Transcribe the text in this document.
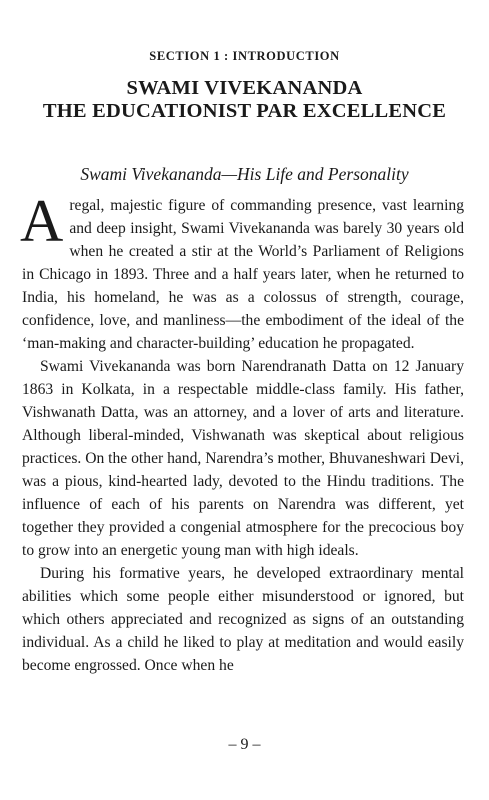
SECTION 1 : INTRODUCTION
SWAMI VIVEKANANDA
THE EDUCATIONIST PAR EXCELLENCE
Swami Vivekananda—His Life and Personality

A regal, majestic figure of commanding presence, vast learning and deep insight, Swami Vivekananda was barely 30 years old when he created a stir at the World’s Parliament of Religions in Chicago in 1893. Three and a half years later, when he returned to India, his homeland, he was as a colossus of strength, courage, confidence, love, and manliness—the embodiment of the ideal of the ‘man-making and character-building’ education he propagated.

Swami Vivekananda was born Narendranath Datta on 12 January 1863 in Kolkata, in a respectable middle-class family. His father, Vishwanath Datta, was an attorney, and a lover of arts and literature. Although liberal-minded, Vishwanath was skeptical about religious practices. On the other hand, Narendra’s mother, Bhuvaneshwari Devi, was a pious, kind-hearted lady, devoted to the Hindu traditions. The influence of each of his parents on Narendra was different, yet together they provided a congenial atmosphere for the precocious boy to grow into an energetic young man with high ideals.

During his formative years, he developed extraordinary mental abilities which some people either misunderstood or ignored, but which others appreciated and recognized as signs of an outstanding individual. As a child he liked to play at meditation and would easily become engrossed. Once when he

– 9 –
